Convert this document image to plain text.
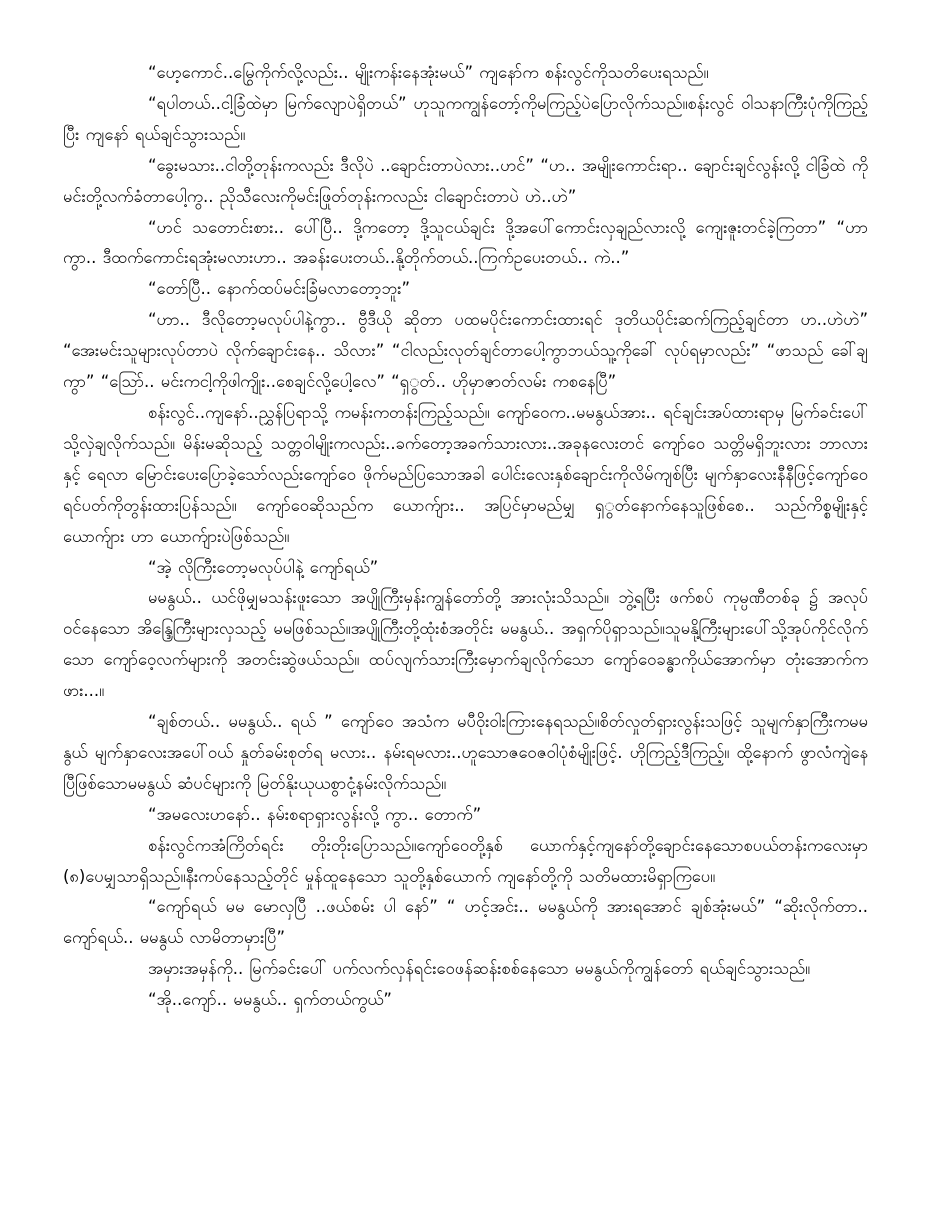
“ဟေ့ကောင်..မြွေကိုက်လို့လည်း.. မျိုးကန်းနေအုံးမယ်” ကျနော်က စန်းလွင်ကိုသတိပေးရသည်။

“ရပါတယ်..ငါ့ခြံထဲမှာ မြက်လျောပဲရှိတယ်” ဟုသူကကျွန်တော့်ကိုမကြည့်ပဲပြောလိုက်သည်။စန်းလွင် ဝါသနာကြီးပုံကိုကြည့်ပြီး ကျနော် ရယ်ချင်သွားသည်။

“ခွေးမသား..ငါတို့တုန်းကလည်း ဒီလိုပဲ ..ချောင်းတာပဲလား..ဟင်” “ဟ.. အမျိုးကောင်းရာ.. ချောင်းချင်လွန်းလို့ ငါခြံထဲ ကို မင်းတို့လက်ခံတာပေါ့ကွ.. ညိုသီလေးကိုမင်းဖြုတ်တုန်းကလည်း ငါချောင်းတာပဲ ဟဲ..ဟဲ”

“ဟင် သတောင်းစား.. ပေါ်ပြီ.. ဒို့ကတော့ ဒို့သူငယ်ချင်း ဒို့အပေါ်ကောင်းလှချည်လားလို့ ကျေးဇူးတင်ခဲ့ကြတာ” “ဟာကွာ.. ဒီထက်ကောင်းရအုံးမလားဟာ.. အခန်းပေးတယ်..နို့တိုက်တယ်..ကြက်ဥပေးတယ်.. ကဲ..”

“တော်ပြီ.. နောက်ထပ်မင်းခြံမလာတော့ဘူး”

“ဟာ.. ဒီလိုတော့မလုပ်ပါနဲ့ကွာ.. ဗွီဒီယို ဆိုတာ ပထမပိုင်းကောင်းထားရင် ဒုတိယပိုင်းဆက်ကြည့်ချင်တာ ဟ..ဟဲဟဲ” “အေးမင်းသူများလုပ်တာပဲ လိုက်ချောင်းနေ.. သိလား” “ငါလည်းလုတ်ချင်တာပေါ့ကွာဘယ်သူ့ကိုခေါ် လုပ်ရမှာလည်း” “ဖာသည် ခေါ်ချကွာ” “သြော်.. မင်းကငါ့ကိုဖါကျိုး..စေချင်လို့ပေါ့လေ” “ရှွတ်.. ဟိုမှာဇာတ်လမ်း ကစနေပြီ”

စန်းလွင်..ကျနော်..ညွှန်ပြရာသို့ ကမန်းကတန်းကြည့်သည်။ ကျော်ဝေက..မမနွယ်အား.. ရင်ချင်းအပ်ထားရာမှ မြက်ခင်းပေါ်သို့လှဲချလိုက်သည်။ မိန်းမဆိုသည့် သတ္တဝါမျိုးကလည်း..ခက်တော့အခက်သားလား..အခုနလေးတင် ကျော်ဝေ သတ္တိမရှိဘူးလား ဘာလားနှင့် ရေလာ မြောင်းပေးပြောခဲ့သော်လည်းကျော်ဝေ ဖိုက်မည်ပြသောအခါ ပေါင်းလေးနှစ်ချောင်းကိုလိမ်ကျစ်ပြီး မျက်နှာလေးနီနီဖြင့်ကျော်ဝေ ရင်ပတ်ကိုတွန်းထားပြန်သည်။ ကျော်ဝေဆိုသည်က ယောက်ျား.. အပြင်မှာမည်မျှ ရှွတ်နောက်နေသူဖြစ်စေ.. သည်ကိစ္စမျိုးနှင့် ယောက်ျား ဟာ ယောက်ျားပဲဖြစ်သည်။

“အဲ့ လိုကြီးတော့မလုပ်ပါနဲ့ ကျော်ရယ်”

မမနွယ်.. ယင်ဖိုမျှမသန်းဖူးသော အပျိုကြီးမှန်းကျွန်တော်တို့ အားလုံးသိသည်။ ဘွဲ့ရပြီး ဖက်စပ် ကုမ္ပဏီတစ်ခု ၌ အလုပ်ဝင်နေသော အိန္ဒြေကြီးများလှသည့် မမဖြစ်သည်။အပျိုကြီးတို့ထုံးစံအတိုင်း မမနွယ်.. အရှက်ပိုရှာသည်။သူမနို့ကြီးများပေါ်သို့အုပ်ကိုင်လိုက်သော ကျော်ဝေ့လက်များကို အတင်းဆွဲဖယ်သည်။ ထပ်လျက်သားကြီးမှောက်ချလိုက်သော ကျော်ဝေခန္ဓာကိုယ်အောက်မှာ တုံးအောက်ကဖား...။

“ချစ်တယ်.. မမနွယ်.. ရယ် ” ကျော်ဝေ အသံက မပီဝိုးဝါးကြားနေရသည်။စိတ်လှုတ်ရှားလွန်းသဖြင့် သူမျက်နှာကြီးကမမနွယ် မျက်နှာလေးအပေါ်ဝယ် နှုတ်ခမ်းစုတ်ရ မလား.. နမ်းရမလား..ဟူသောဇဝေဇဝါပုံစံမျိုးဖြင့်. ဟိုကြည့်ဒီကြည့်။ ထို့နောက် ဖွာလံကျဲနေပြီဖြစ်သောမမနွယ် ဆံပင်များကို မြတ်နိုးယုယစွာငုံ့နမ်းလိုက်သည်။

“အမလေးဟနော်.. နမ်းစရာရှားလွန်းလို့ ကွာ.. တောက်”

စန်းလွင်ကအံကြိတ်ရင်း တိုးတိုးပြောသည်။ကျော်ဝေတို့နှစ် ယောက်နှင့်ကျနော်တို့ချောင်းနေသောစပယ်တန်းကလေးမှာ (၈)ပေမျှသာရှိသည်။နီးကပ်နေသည့်တိုင် မှုန်ထူနေသော သူတို့နှစ်ယောက် ကျနော်တို့ကို သတိမထားမိရှာကြပေ။

“ကျော်ရယ် မမ မောလှပြီ ..ဖယ်စမ်း ပါ နော်” “ ဟင့်အင်း.. မမနွယ်ကို အားရအောင် ချစ်အုံးမယ်” “ဆိုးလိုက်တာ.. ကျော်ရယ်.. မမနွယ် လာမိတာမှားပြီ”

အမှားအမှန်ကို.. မြက်ခင်းပေါ် ပက်လက်လှန်ရင်းဝေဖန်ဆန်းစစ်နေသော မမနွယ်ကိုကျွန်တော် ရယ်ချင်သွားသည်။

“အို..ကျော်.. မမနွယ်.. ရှက်တယ်ကွယ်”
